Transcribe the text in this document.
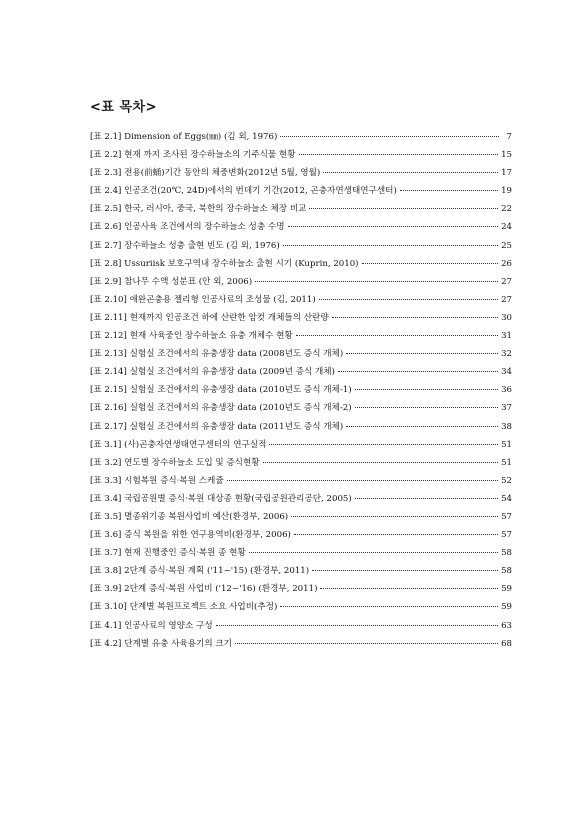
<표 목차>
[표 2.1] Dimension of Eggs(㎜) (김 외, 1976)	7
[표 2.2] 현재 까지 조사된 장수하늘소의 기주식물 현황	15
[표 2.3] 전용(前蛹)기간 동안의 체중변화(2012년 5월, 영월)	17
[표 2.4] 인공조건(20℃, 24D)에서의 번데기 기간(2012, 곤충자연생태연구센터)	19
[표 2.5] 한국, 러시아, 중국, 북한의 장수하늘소 체장 비교	22
[표 2.6] 인공사육 조건에서의 장수하늘소 성충 수명	24
[표 2.7] 장수하늘소 성충 출현 빈도 (김 외, 1976)	25
[표 2.8] Ussuriisk 보호구역내 장수하늘소 출현 시기 (Kuprin, 2010)	26
[표 2.9] 참나무 수액 성분표 (안 외, 2006)	27
[표 2.10] 애완곤충용 젤리형 인공사료의 조성물 (김, 2011)	27
[표 2.11] 현재까지 인공조건 하에 산란한 암컷 개체들의 산란량	30
[표 2.12] 현재 사육중인 장수하늘소 유충 개체수 현황	31
[표 2.13] 실험실 조건에서의 유충생장 data (2008년도 증식 개체)	32
[표 2.14] 실험실 조건에서의 유충생장 data (2009년 증식 개체)	34
[표 2.15] 실험실 조건에서의 유충생장 data (2010년도 증식 개체-1)	36
[표 2.16] 실험실 조건에서의 유충생장 data (2010년도 증식 개체-2)	37
[표 2.17] 실험실 조건에서의 유충생장 data (2011년도 증식 개체)	38
[표 3.1] (사)곤충자연생태연구센터의 연구실적	51
[표 3.2] 연도별 장수하늘소 도입 및 증식현황	51
[표 3.3] 시험복원 증식·복원 스케쥴	52
[표 3.4] 국립공원별 증식·복원 대상종 현황(국립공원관리공단, 2005)	54
[표 3.5] 멸종위기종 복원사업비 예산(환경부, 2006)	57
[표 3.6] 증식 복원을 위한 연구용역비(환경부, 2006)	57
[표 3.7] 현재 진행중인 증식·복원 종 현황	58
[표 3.8] 2단계 증식·복원 계획 ('11~'15) (환경부, 2011)	58
[표 3.9] 2단계 증식·복원 사업비 ('12~'16) (환경부, 2011)	59
[표 3.10] 단계별 복원프로젝트 소요 사업비(추정)	59
[표 4.1] 인공사료의 영양소 구성	63
[표 4.2] 단계별 유충 사육용기의 크기	68
